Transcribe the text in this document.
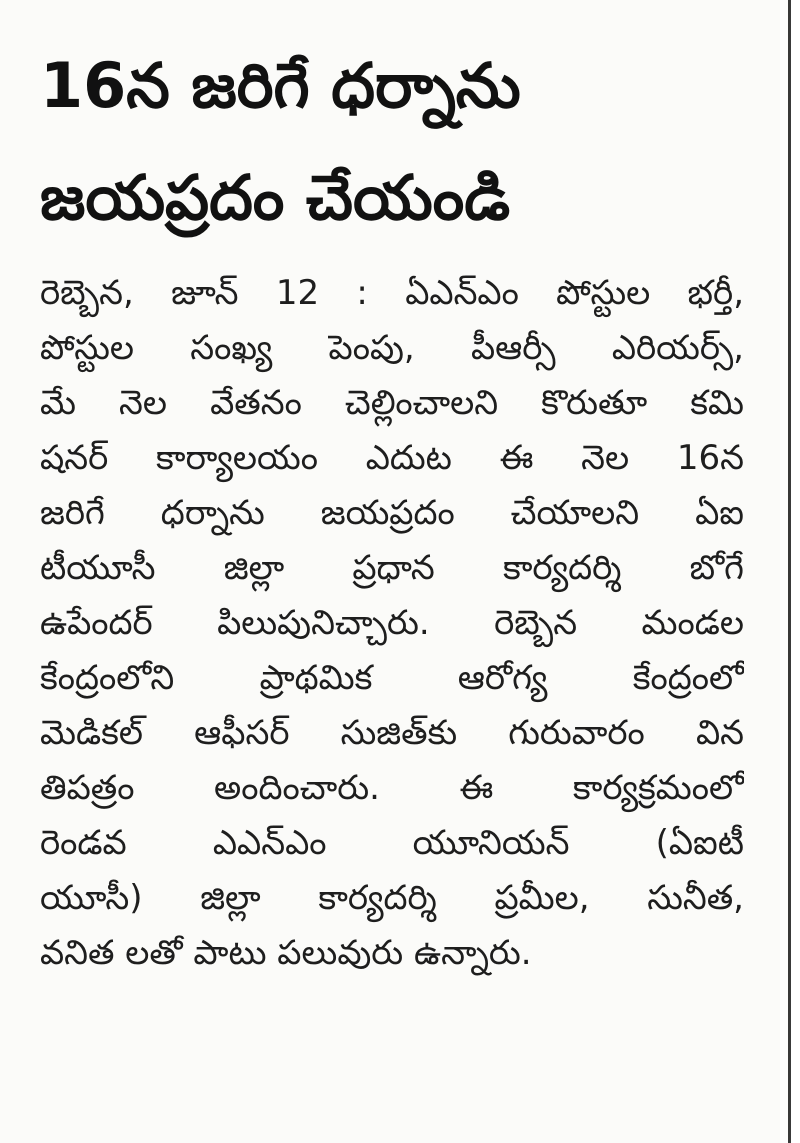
16న జరిగే ధర్నాను
జయప్రదం చేయండి
రెబ్బెన, జూన్ 12 : ఏఎన్ఎం పోస్టుల భర్తీ,
పోస్టుల సంఖ్య పెంపు, పీఆర్సీ ఎరియర్స్,
మే నెల వేతనం చెల్లించాలని కొరుతూ కమి
షనర్ కార్యాలయం ఎదుట ఈ నెల 16న
జరిగే ధర్నాను జయప్రదం చేయాలని ఏఐ
టీయూసీ జిల్లా ప్రధాన కార్యదర్శి బోగే
ఉపేందర్ పిలుపునిచ్చారు. రెబ్బెన మండల
కేంద్రంలోని ప్రాథమిక ఆరోగ్య కేంద్రంలో
మెడికల్ ఆఫీసర్ సుజిత్‌కు గురువారం విన
తిపత్రం అందించారు. ఈ కార్యక్రమంలో
రెండవ ఎఎన్ఎం యూనియన్ (ఏఐటీ
యూసీ) జిల్లా కార్యదర్శి ప్రమీల, సునీత,
వనిత లతో పాటు పలువురు ఉన్నారు.
